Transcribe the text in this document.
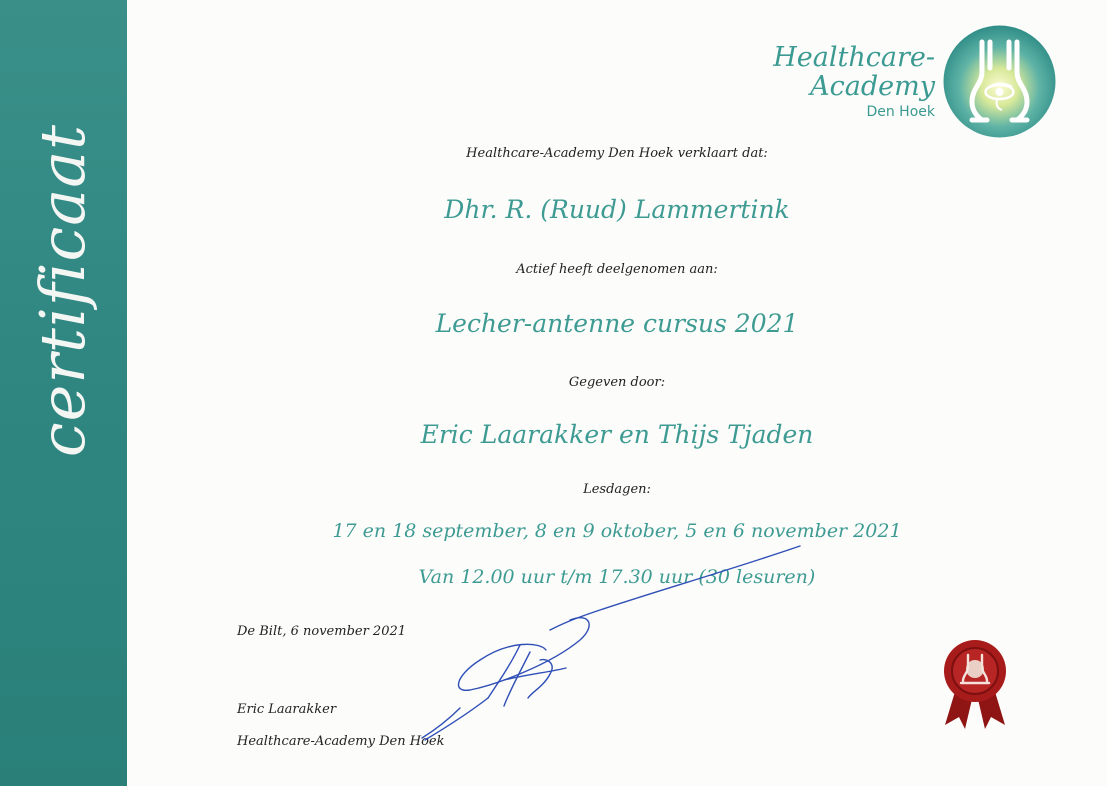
certificaat
Healthcare-
Academy
Den Hoek
Healthcare-Academy Den Hoek verklaart dat:
Dhr. R. (Ruud) Lammertink
Actief heeft deelgenomen aan:
Lecher-antenne cursus 2021
Gegeven door:
Eric Laarakker en Thijs Tjaden
Lesdagen:
17 en 18 september, 8 en 9 oktober, 5 en 6 november 2021
Van 12.00 uur t/m 17.30 uur (30 lesuren)
De Bilt, 6 november 2021
Eric Laarakker
Healthcare-Academy Den Hoek
